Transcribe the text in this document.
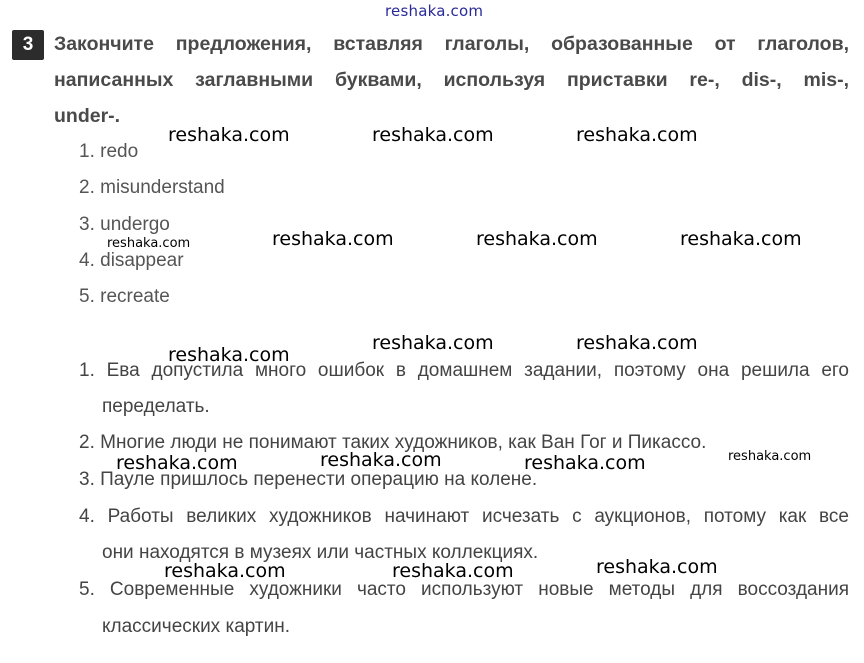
reshaka.com
3	Закончите предложения, вставляя глаголы, образованные от глаголов,
написанных заглавными буквами, используя приставки re-, dis-, mis-,
under-.
1. redo
2. misunderstand
3. undergo
4. disappear
5. recreate
1. Ева допустила много ошибок в домашнем задании, поэтому она решила его
переделать.
2. Многие люди не понимают таких художников, как Ван Гог и Пикассо.
3. Пауле пришлось перенести операцию на колене.
4. Работы великих художников начинают исчезать с аукционов, потому как все
они находятся в музеях или частных коллекциях.
5. Современные художники часто используют новые методы для воссоздания
классических картин.
reshaka.com	reshaka.com	reshaka.com
reshaka.com	reshaka.com	reshaka.com	reshaka.com
reshaka.com
reshaka.com	reshaka.com
reshaka.com	reshaka.com	reshaka.com	reshaka.com
reshaka.com	reshaka.com	reshaka.com
